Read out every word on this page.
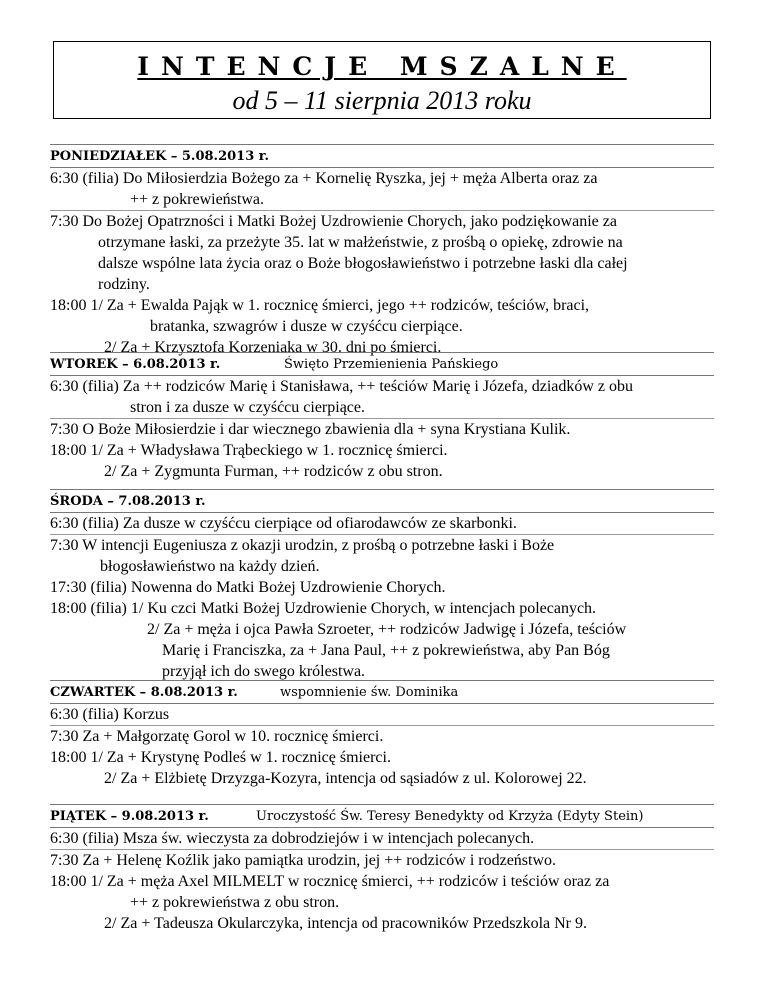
INTENCJE MSZALNE
od 5 – 11 sierpnia 2013 roku
PONIEDZIAŁEK – 5.08.2013 r.
6:30 (filia) Do Miłosierdzia Bożego za + Kornelię Ryszka, jej + męża Alberta oraz za
++ z pokrewieństwa.
7:30 Do Bożej Opatrzności i Matki Bożej Uzdrowienie Chorych, jako podziękowanie za
otrzymane łaski, za przeżyte 35. lat w małżeństwie, z prośbą o opiekę, zdrowie na
dalsze wspólne lata życia oraz o Boże błogosławieństwo i potrzebne łaski dla całej
rodziny.
18:00 1/ Za + Ewalda Pająk w 1. rocznicę śmierci, jego ++ rodziców, teściów, braci,
bratanka, szwagrów i dusze w czyśćcu cierpiące.
2/ Za + Krzysztofa Korzeniaka w 30. dni po śmierci.
WTOREK – 6.08.2013 r.	Święto Przemienienia Pańskiego
6:30 (filia) Za ++ rodziców Marię i Stanisława, ++ teściów Marię i Józefa, dziadków z obu
stron i za dusze w czyśćcu cierpiące.
7:30 O Boże Miłosierdzie i dar wiecznego zbawienia dla + syna Krystiana Kulik.
18:00 1/ Za + Władysława Trąbeckiego w 1. rocznicę śmierci.
2/ Za + Zygmunta Furman, ++ rodziców z obu stron.
ŚRODA – 7.08.2013 r.
6:30 (filia) Za dusze w czyśćcu cierpiące od ofiarodawców ze skarbonki.
7:30 W intencji Eugeniusza z okazji urodzin, z prośbą o potrzebne łaski i Boże
błogosławieństwo na każdy dzień.
17:30 (filia) Nowenna do Matki Bożej Uzdrowienie Chorych.
18:00 (filia) 1/ Ku czci Matki Bożej Uzdrowienie Chorych, w intencjach polecanych.
2/ Za + męża i ojca Pawła Szroeter, ++ rodziców Jadwigę i Józefa, teściów
Marię i Franciszka, za + Jana Paul, ++ z pokrewieństwa, aby Pan Bóg
przyjął ich do swego królestwa.
CZWARTEK – 8.08.2013 r.	wspomnienie św. Dominika
6:30 (filia) Korzus
7:30 Za + Małgorzatę Gorol w 10. rocznicę śmierci.
18:00 1/ Za + Krystynę Podleś w 1. rocznicę śmierci.
2/ Za + Elżbietę Drzyzga-Kozyra, intencja od sąsiadów z ul. Kolorowej 22.
PIĄTEK – 9.08.2013 r.	Uroczystość Św. Teresy Benedykty od Krzyża (Edyty Stein)
6:30 (filia) Msza św. wieczysta za dobrodziejów i w intencjach polecanych.
7:30 Za + Helenę Koźlik jako pamiątka urodzin, jej ++ rodziców i rodzeństwo.
18:00 1/ Za + męża Axel MILMELT w rocznicę śmierci, ++ rodziców i teściów oraz za
++ z pokrewieństwa z obu stron.
2/ Za + Tadeusza Okularczyka, intencja od pracowników Przedszkola Nr 9.
